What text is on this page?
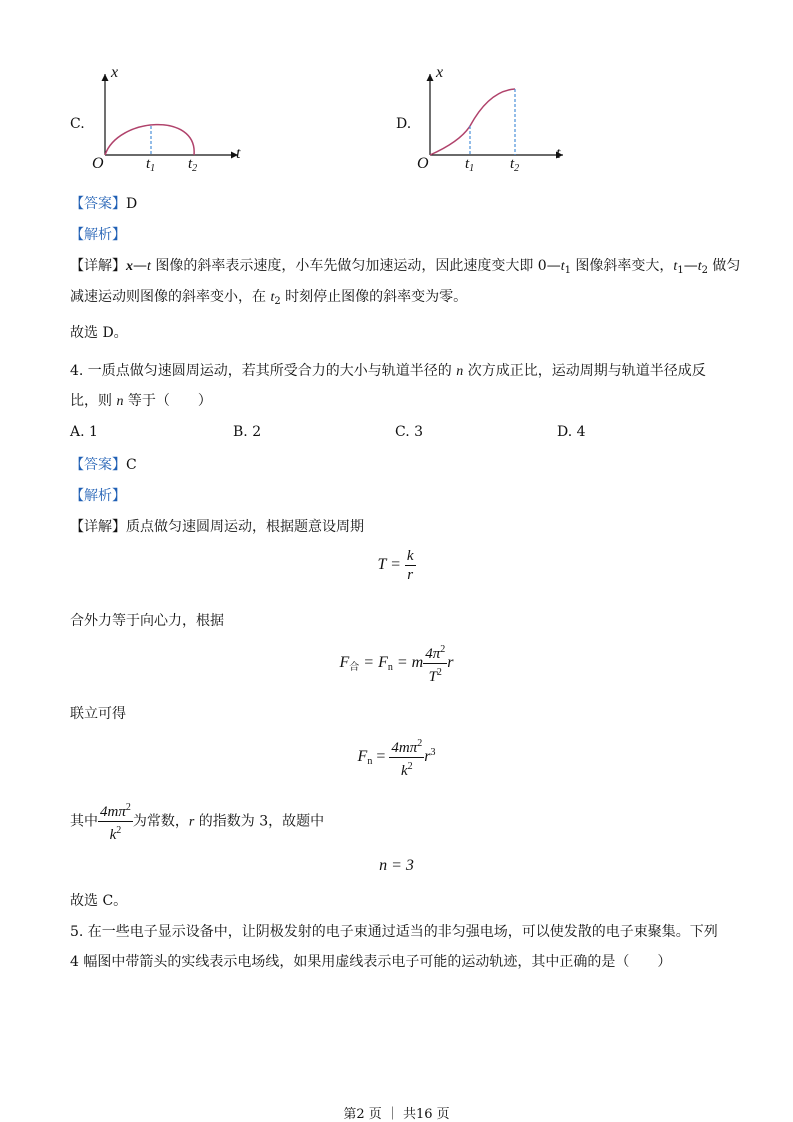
C.
x
t
O	$t_1$ $t_2$
D.
x
t
O $t_1$ $t_2$
【答案】D
【解析】
【详解】x—t 图像的斜率表示速度，小车先做匀加速运动，因此速度变大即 $0—t_1$ 图像斜率变大，$t_1—t_2$ 做匀
减速运动则图像的斜率变小，在 $t_2$ 时刻停止图像的斜率变为零。
故选 D。
4. 一质点做匀速圆周运动，若其所受合力的大小与轨道半径的 n 次方成正比，运动周期与轨道半径成反
比，则 n 等于（　　）
A. 1	B. 2	C. 3	D. 4
【答案】C
【解析】
【详解】质点做匀速圆周运动，根据题意设周期
$T = \frac{k}{r}$
合外力等于向心力，根据
$F_合 = F_n = m \frac{4\pi^2}{T^2}$ r
联立可得
$F_n = \frac{4m\pi^2}{k^2} r^3$
其中 $\frac{4m\pi^2}{k^2}$ 为常数，r 的指数为 3，故题中
n = 3
故选 C。
5. 在一些电子显示设备中，让阴极发射的电子束通过适当的非匀强电场，可以使发散的电子束聚集。下列
4 幅图中带箭头的实线表示电场线，如果用虚线表示电子可能的运动轨迹，其中正确的是（　　）
第2 页 ｜ 共16 页
